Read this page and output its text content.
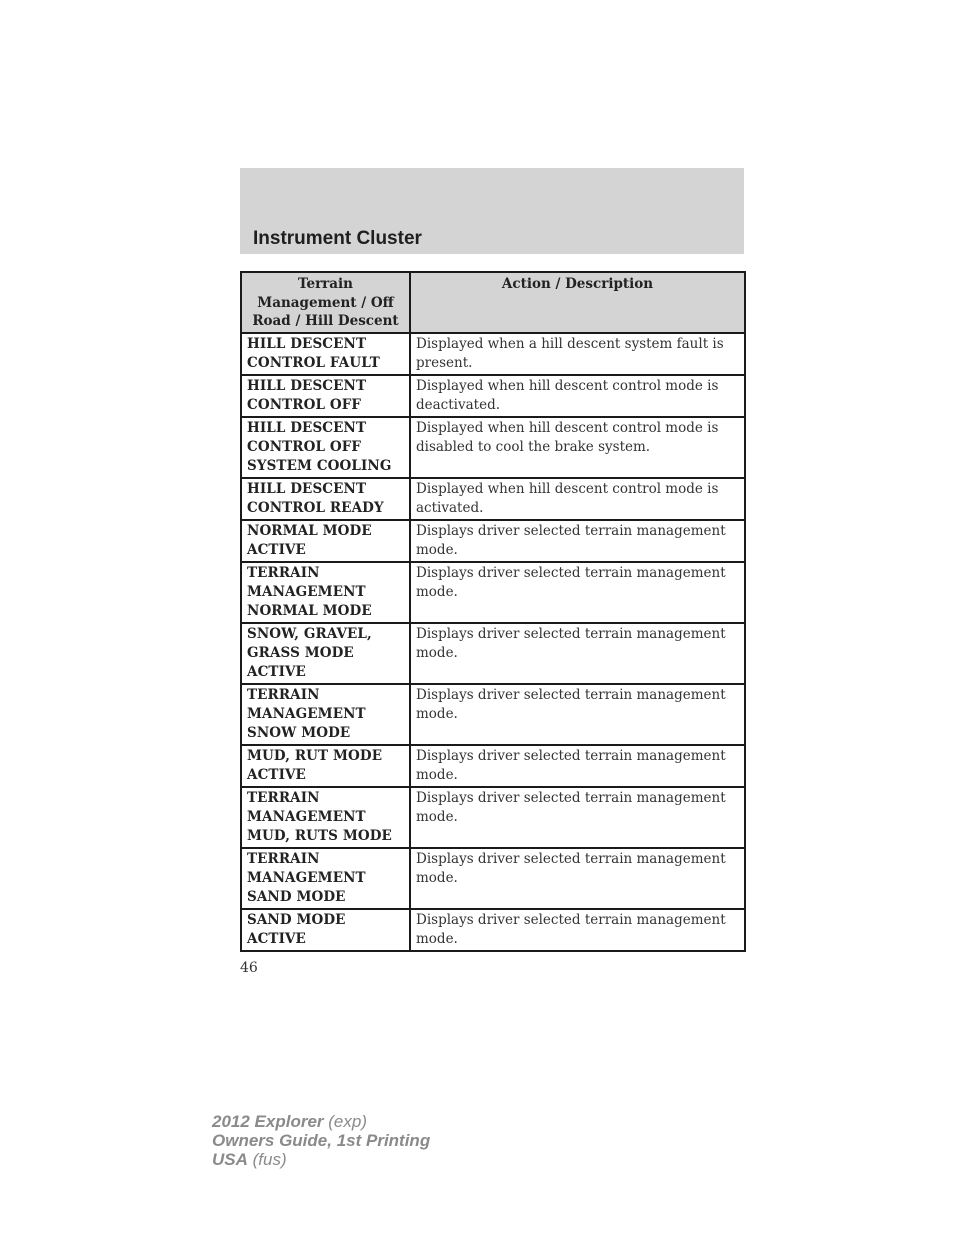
Instrument Cluster
Terrain Management / Off Road / Hill Descent	Action / Description
HILL DESCENT CONTROL FAULT	Displayed when a hill descent system fault is present.
HILL DESCENT CONTROL OFF	Displayed when hill descent control mode is deactivated.
HILL DESCENT CONTROL OFF SYSTEM COOLING	Displayed when hill descent control mode is disabled to cool the brake system.
HILL DESCENT CONTROL READY	Displayed when hill descent control mode is activated.
NORMAL MODE ACTIVE	Displays driver selected terrain management mode.
TERRAIN MANAGEMENT NORMAL MODE	Displays driver selected terrain management mode.
SNOW, GRAVEL, GRASS MODE ACTIVE	Displays driver selected terrain management mode.
TERRAIN MANAGEMENT SNOW MODE	Displays driver selected terrain management mode.
MUD, RUT MODE ACTIVE	Displays driver selected terrain management mode.
TERRAIN MANAGEMENT MUD, RUTS MODE	Displays driver selected terrain management mode.
TERRAIN MANAGEMENT SAND MODE	Displays driver selected terrain management mode.
SAND MODE ACTIVE	Displays driver selected terrain management mode.
46
2012 Explorer (exp)
Owners Guide, 1st Printing
USA (fus)
